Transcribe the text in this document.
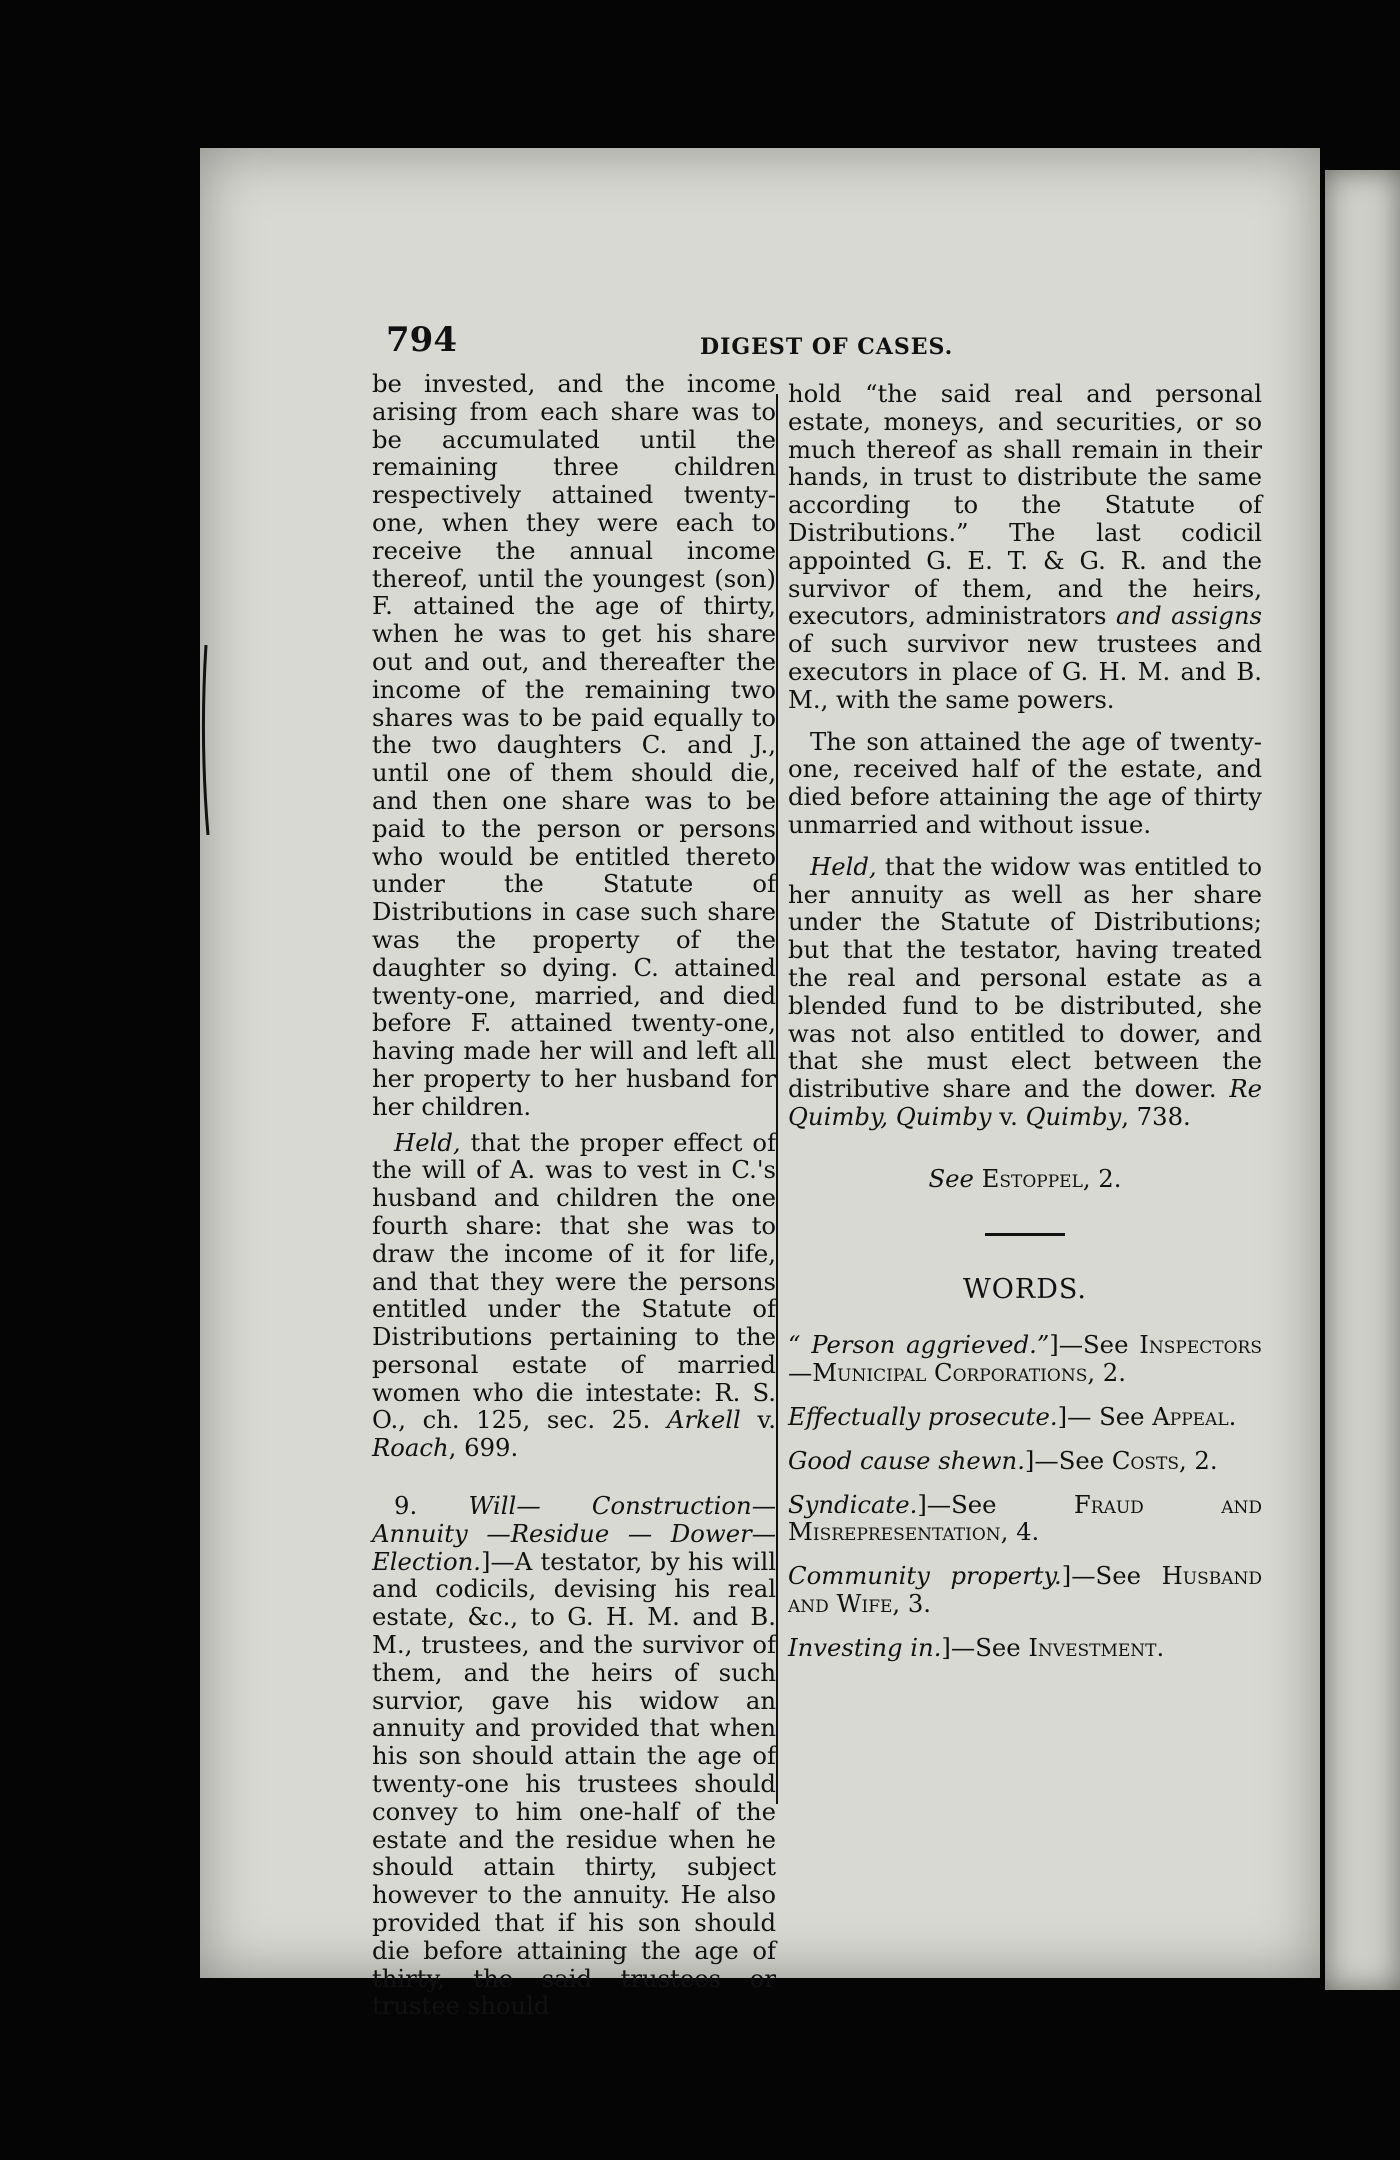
794	DIGEST OF CASES.

be invested, and the income arising from each share was to be accumulated until the remaining three children respectively attained twenty-one, when they were each to receive the annual income thereof, until the youngest (son) F. attained the age of thirty, when he was to get his share out and out, and thereafter the income of the remaining two shares was to be paid equally to the two daughters C. and J., until one of them should die, and then one share was to be paid to the person or persons who would be entitled thereto under the Statute of Distributions in case such share was the property of the daughter so dying. C. attained twenty-one, married, and died before F. attained twenty-one, having made her will and left all her property to her husband for her children.

Held, that the proper effect of the will of A. was to vest in C.'s husband and children the one fourth share: that she was to draw the income of it for life, and that they were the persons entitled under the Statute of Distributions pertaining to the personal estate of married women who die intestate: R. S. O., ch. 125, sec. 25. Arkell v. Roach, 699.

9. Will— Construction—Annuity —Residue — Dower—Election.]—A testator, by his will and codicils, devising his real estate, &c., to G. H. M. and B. M., trustees, and the survivor of them, and the heirs of such survior, gave his widow an annuity and provided that when his son should attain the age of twenty-one his trustees should convey to him one-half of the estate and the residue when he should attain thirty, subject however to the annuity. He also provided that if his son should die before attaining the age of thirty, the said trustees or trustee should

hold “the said real and personal estate, moneys, and securities, or so much thereof as shall remain in their hands, in trust to distribute the same according to the Statute of Distributions.” The last codicil appointed G. E. T. & G. R. and the survivor of them, and the heirs, executors, administrators and assigns of such survivor new trustees and executors in place of G. H. M. and B. M., with the same powers.

The son attained the age of twenty-one, received half of the estate, and died before attaining the age of thirty unmarried and without issue.

Held, that the widow was entitled to her annuity as well as her share under the Statute of Distributions; but that the testator, having treated the real and personal estate as a blended fund to be distributed, she was not also entitled to dower, and that she must elect between the distributive share and the dower. Re Quimby, Quimby v. Quimby, 738.

See Estoppel, 2.
WORDS.

“ Person aggrieved.”]—See Inspectors—Municipal Corporations, 2.

Effectually prosecute.]— See Appeal.

Good cause shewn.]—See Costs, 2.

Syndicate.]—See Fraud and Misrepresentation, 4.

Community property.]—See Husband and Wife, 3.

Investing in.]—See Investment.
